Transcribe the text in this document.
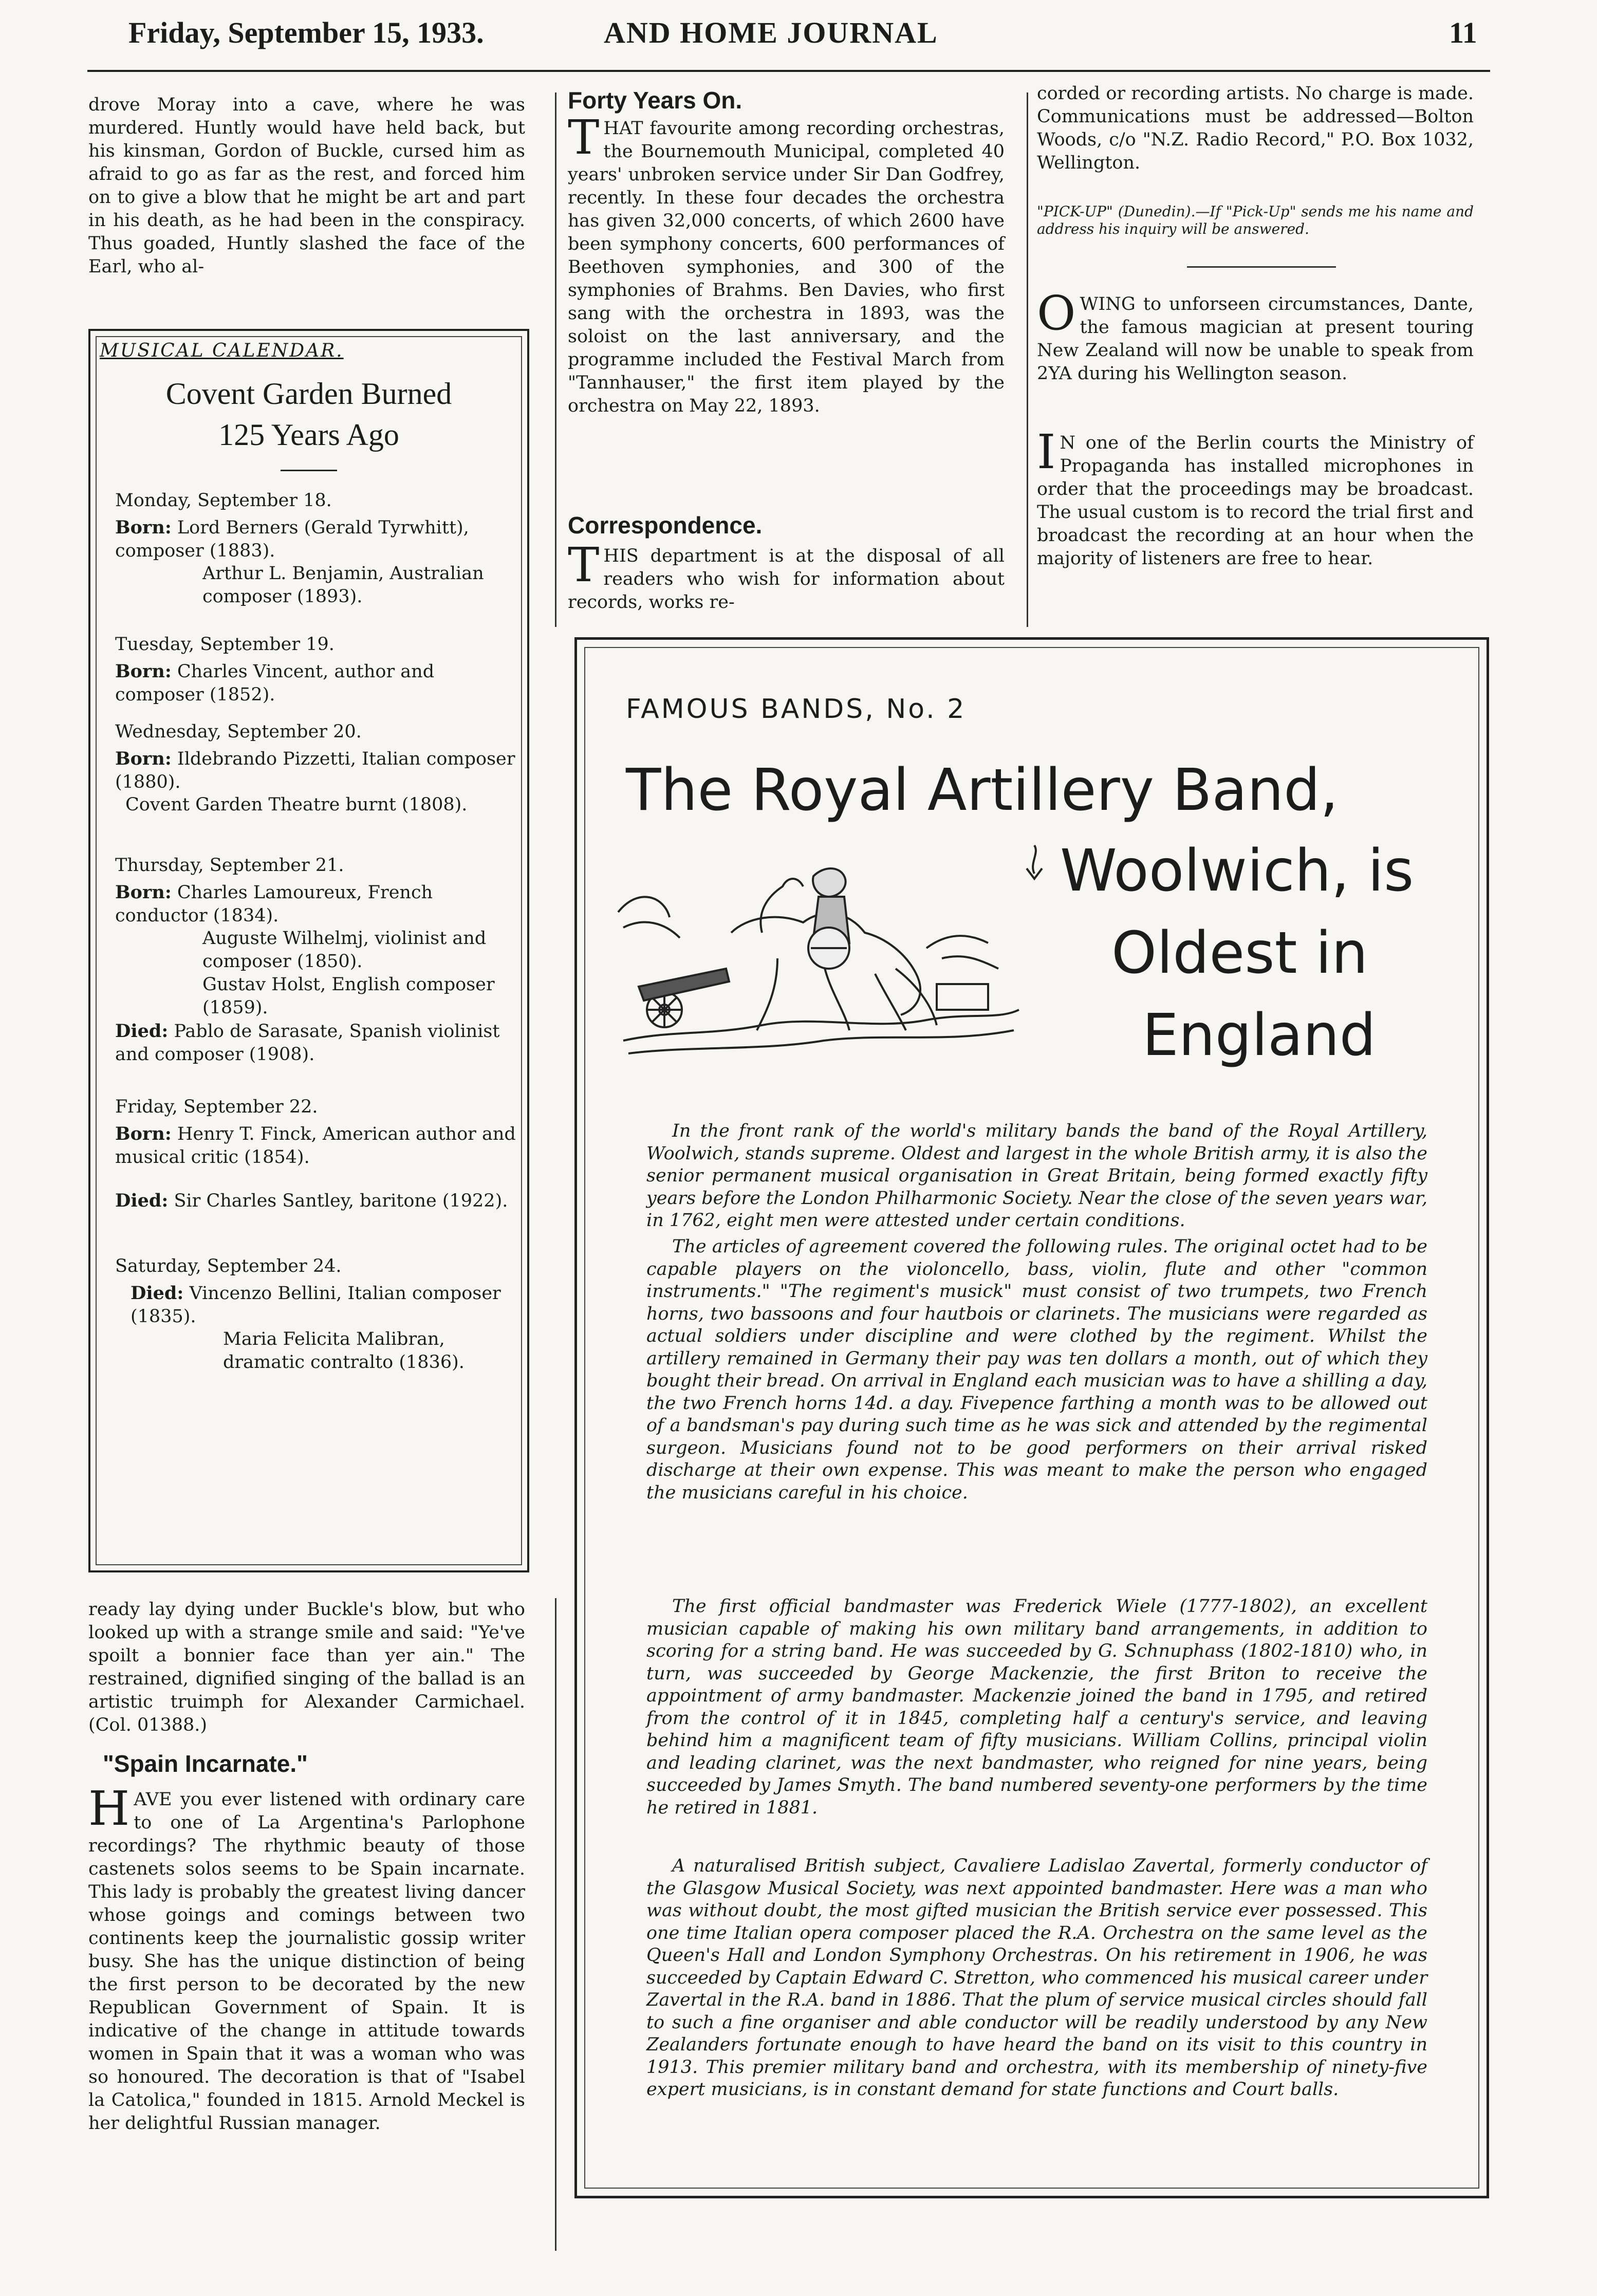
Friday, September 15, 1933.	AND HOME JOURNAL	11

drove Moray into a cave, where he was murdered. Huntly would have held back, but his kinsman, Gordon of Buckle, cursed him as afraid to go as far as the rest, and forced him on to give a blow that he might be art and part in his death, as he had been in the conspiracy. Thus goaded, Huntly slashed the face of the Earl, who al-

MUSICAL CALENDAR.
Covent Garden Burned
125 Years Ago
Monday, September 18.
Born: Lord Berners (Gerald Tyrwhitt), composer (1883).
Arthur L. Benjamin, Australian composer (1893).
Tuesday, September 19.
Born: Charles Vincent, author and composer (1852).
Wednesday, September 20.
Born: Ildebrando Pizzetti, Italian composer (1880).
Covent Garden Theatre burnt (1808).
Thursday, September 21.
Born: Charles Lamoureux, French conductor (1834).
Auguste Wilhelmj, violinist and composer (1850).
Gustav Holst, English composer (1859).
Died: Pablo de Sarasate, Spanish violinist and composer (1908).
Friday, September 22.
Born: Henry T. Finck, American author and musical critic (1854).
Died: Sir Charles Santley, baritone (1922).
Saturday, September 24.
Died: Vincenzo Bellini, Italian composer (1835).
Maria Felicita Malibran, dramatic contralto (1836).

ready lay dying under Buckle's blow, but who looked up with a strange smile and said: "Ye've spoilt a bonnier face than yer ain." The restrained, dignified singing of the ballad is an artistic truimph for Alexander Carmichael. (Col. 01388.)

"Spain Incarnate."

HAVE you ever listened with ordinary care to one of La Argentina's Parlophone recordings? The rhythmic beauty of those castenets solos seems to be Spain incarnate. This lady is probably the greatest living dancer whose goings and comings between two continents keep the journalistic gossip writer busy. She has the unique distinction of being the first person to be decorated by the new Republican Government of Spain. It is indicative of the change in attitude towards women in Spain that it was a woman who was so honoured. The decoration is that of "Isabel la Catolica," founded in 1815. Arnold Meckel is her delightful Russian manager.

Forty Years On.

THAT favourite among recording orchestras, the Bournemouth Municipal, completed 40 years' unbroken service under Sir Dan Godfrey, recently. In these four decades the orchestra has given 32,000 concerts, of which 2600 have been symphony concerts, 600 performances of Beethoven symphonies, and 300 of the symphonies of Brahms. Ben Davies, who first sang with the orchestra in 1893, was the soloist on the last anniversary, and the programme included the Festival March from "Tannhauser," the first item played by the orchestra on May 22, 1893.

Correspondence.

THIS department is at the disposal of all readers who wish for information about records, works re-

corded or recording artists. No charge is made. Communications must be addressed—Bolton Woods, c/o "N.Z. Radio Record," P.O. Box 1032, Wellington.

"PICK-UP" (Dunedin).—If "Pick-Up" sends me his name and address his inquiry will be answered.

OWING to unforseen circumstances, Dante, the famous magician at present touring New Zealand will now be unable to speak from 2YA during his Wellington season.

I N one of the Berlin courts the Ministry of Propaganda has installed microphones in order that the proceedings may be broadcast. The usual custom is to record the trial first and broadcast the recording at an hour when the majority of listeners are free to hear.

FAMOUS BANDS, No. 2
The Royal Artillery Band,
Woolwich, is
Oldest in
England

In the front rank of the world's military bands the band of the Royal Artillery, Woolwich, stands supreme. Oldest and largest in the whole British army, it is also the senior permanent musical organisation in Great Britain, being formed exactly fifty years before the London Philharmonic Society. Near the close of the seven years war, in 1762, eight men were attested under certain conditions.

The articles of agreement covered the following rules. The original octet had to be capable players on the violoncello, bass, violin, flute and other "common instruments." "The regiment's musick" must consist of two trumpets, two French horns, two bassoons and four hautbois or clarinets. The musicians were regarded as actual soldiers under discipline and were clothed by the regiment. Whilst the artillery remained in Germany their pay was ten dollars a month, out of which they bought their bread. On arrival in England each musician was to have a shilling a day, the two French horns 14d. a day. Fivepence farthing a month was to be allowed out of a bandsman's pay during such time as he was sick and attended by the regimental surgeon. Musicians found not to be good performers on their arrival risked discharge at their own expense. This was meant to make the person who engaged the musicians careful in his choice.

The first official bandmaster was Frederick Wiele (1777-1802), an excellent musician capable of making his own military band arrangements, in addition to scoring for a string band. He was succeeded by G. Schnuphass (1802-1810) who, in turn, was succeeded by George Mackenzie, the first Briton to receive the appointment of army bandmaster. Mackenzie joined the band in 1795, and retired from the control of it in 1845, completing half a century's service, and leaving behind him a magnificent team of fifty musicians. William Collins, principal violin and leading clarinet, was the next bandmaster, who reigned for nine years, being succeeded by James Smyth. The band numbered seventy-one performers by the time he retired in 1881.

A naturalised British subject, Cavaliere Ladislao Zavertal, formerly conductor of the Glasgow Musical Society, was next appointed bandmaster. Here was a man who was without doubt, the most gifted musician the British service ever possessed. This one time Italian opera composer placed the R.A. Orchestra on the same level as the Queen's Hall and London Symphony Orchestras. On his retirement in 1906, he was succeeded by Captain Edward C. Stretton, who commenced his musical career under Zavertal in the R.A. band in 1886. That the plum of service musical circles should fall to such a fine organiser and able conductor will be readily understood by any New Zealanders fortunate enough to have heard the band on its visit to this country in 1913. This premier military band and orchestra, with its membership of ninety-five expert musicians, is in constant demand for state functions and Court balls.
